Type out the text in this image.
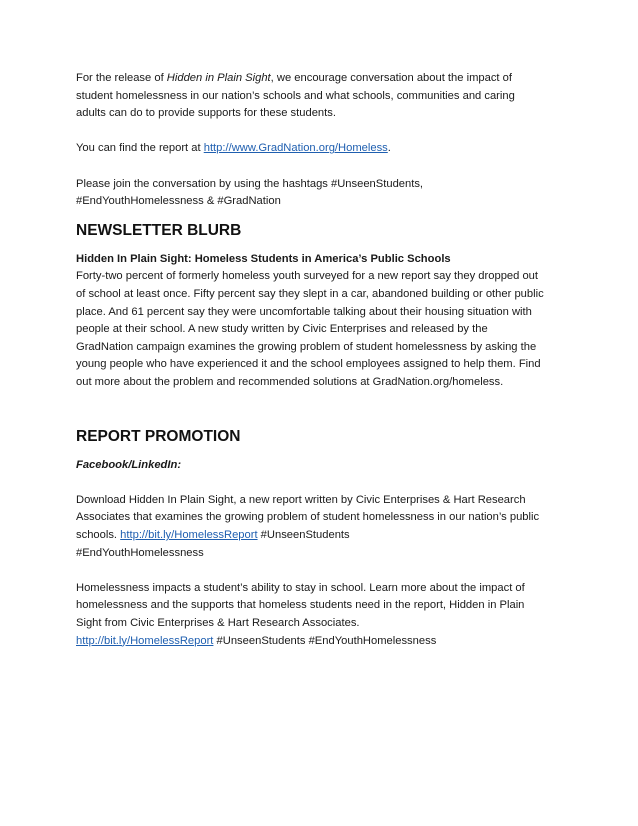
For the release of Hidden in Plain Sight, we encourage conversation about the impact of student homelessness in our nation’s schools and what schools, communities and caring adults can do to provide supports for these students.

You can find the report at http://www.GradNation.org/Homeless.

Please join the conversation by using the hashtags #UnseenStudents,
#EndYouthHomelessness & #GradNation

NEWSLETTER BLURB

Hidden In Plain Sight: Homeless Students in America’s Public Schools
Forty-two percent of formerly homeless youth surveyed for a new report say they dropped out of school at least once. Fifty percent say they slept in a car, abandoned building or other public place. And 61 percent say they were uncomfortable talking about their housing situation with people at their school. A new study written by Civic Enterprises and released by the GradNation campaign examines the growing problem of student homelessness by asking the young people who have experienced it and the school employees assigned to help them. Find out more about the problem and recommended solutions at GradNation.org/homeless.

REPORT PROMOTION

Facebook/LinkedIn:

Download Hidden In Plain Sight, a new report written by Civic Enterprises & Hart Research Associates that examines the growing problem of student homelessness in our nation’s public schools. http://bit.ly/HomelessReport #UnseenStudents
#EndYouthHomelessness

Homelessness impacts a student’s ability to stay in school. Learn more about the impact of homelessness and the supports that homeless students need in the report, Hidden in Plain Sight from Civic Enterprises & Hart Research Associates.
http://bit.ly/HomelessReport #UnseenStudents #EndYouthHomelessness
